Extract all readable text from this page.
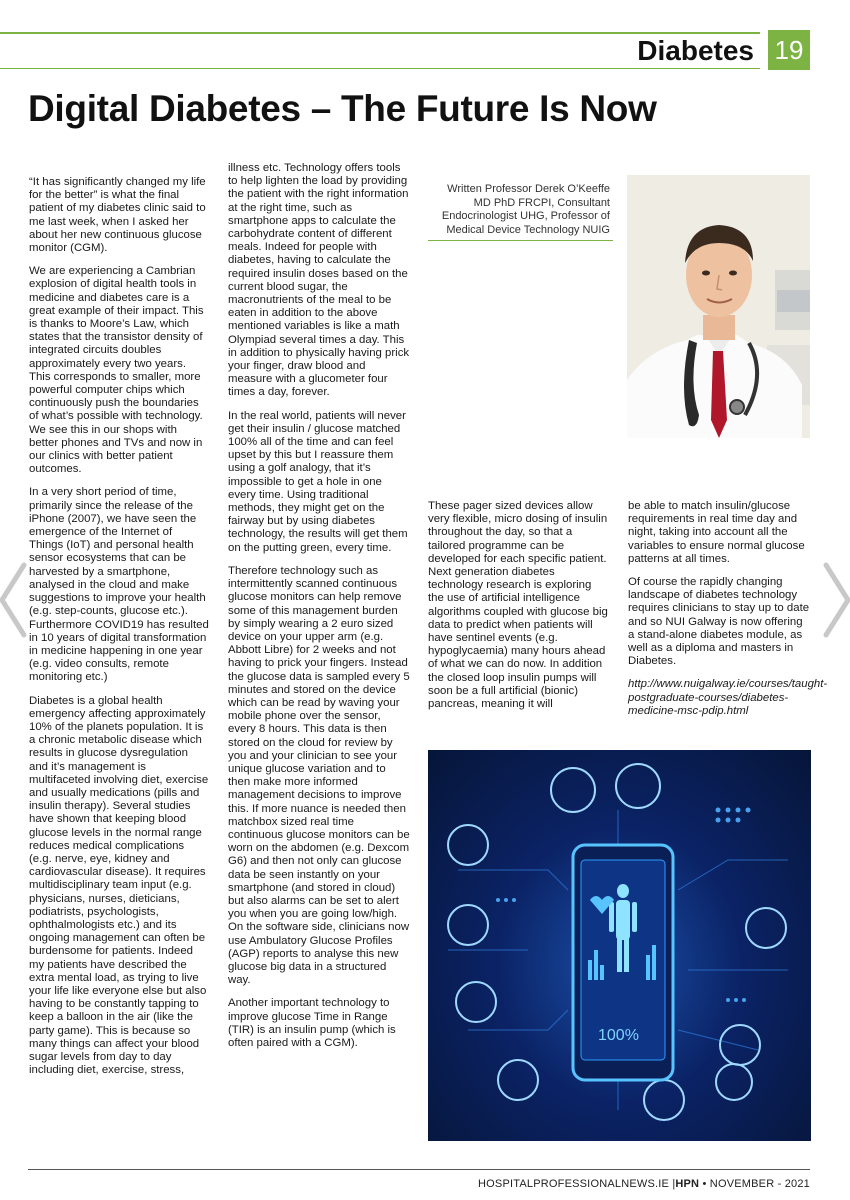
Diabetes 19
Digital Diabetes – The Future Is Now

“It has significantly changed my life for the better” is what the final patient of my diabetes clinic said to me last week, when I asked her about her new continuous glucose monitor (CGM).

We are experiencing a Cambrian explosion of digital health tools in medicine and diabetes care is a great example of their impact. This is thanks to Moore’s Law, which states that the transistor density of integrated circuits doubles approximately every two years. This corresponds to smaller, more powerful computer chips which continuously push the boundaries of what’s possible with technology. We see this in our shops with better phones and TVs and now in our clinics with better patient outcomes.

In a very short period of time, primarily since the release of the iPhone (2007), we have seen the emergence of the Internet of Things (IoT) and personal health sensor ecosystems that can be harvested by a smartphone, analysed in the cloud and make suggestions to improve your health (e.g. step-counts, glucose etc.). Furthermore COVID19 has resulted in 10 years of digital transformation in medicine happening in one year (e.g. video consults, remote monitoring etc.)

Diabetes is a global health emergency affecting approximately 10% of the planets population. It is a chronic metabolic disease which results in glucose dysregulation and it’s management is multifaceted involving diet, exercise and usually medications (pills and insulin therapy). Several studies have shown that keeping blood glucose levels in the normal range reduces medical complications (e.g. nerve, eye, kidney and cardiovascular disease). It requires multidisciplinary team input (e.g. physicians, nurses, dieticians, podiatrists, psychologists, ophthalmologists etc.) and its ongoing management can often be burdensome for patients. Indeed my patients have described the extra mental load, as trying to live your life like everyone else but also having to be constantly tapping to keep a balloon in the air (like the party game). This is because so many things can affect your blood sugar levels from day to day including diet, exercise, stress,

illness etc. Technology offers tools to help lighten the load by providing the patient with the right information at the right time, such as smartphone apps to calculate the carbohydrate content of different meals. Indeed for people with diabetes, having to calculate the required insulin doses based on the current blood sugar, the macronutrients of the meal to be eaten in addition to the above mentioned variables is like a math Olympiad several times a day. This in addition to physically having prick your finger, draw blood and measure with a glucometer four times a day, forever.

In the real world, patients will never get their insulin / glucose matched 100% all of the time and can feel upset by this but I reassure them using a golf analogy, that it’s impossible to get a hole in one every time. Using traditional methods, they might get on the fairway but by using diabetes technology, the results will get them on the putting green, every time.

Therefore technology such as intermittently scanned continuous glucose monitors can help remove some of this management burden by simply wearing a 2 euro sized device on your upper arm (e.g. Abbott Libre) for 2 weeks and not having to prick your fingers. Instead the glucose data is sampled every 5 minutes and stored on the device which can be read by waving your mobile phone over the sensor, every 8 hours. This data is then stored on the cloud for review by you and your clinician to see your unique glucose variation and to then make more informed management decisions to improve this. If more nuance is needed then matchbox sized real time continuous glucose monitors can be worn on the abdomen (e.g. Dexcom G6) and then not only can glucose data be seen instantly on your smartphone (and stored in cloud) but also alarms can be set to alert you when you are going low/high. On the software side, clinicians now use Ambulatory Glucose Profiles (AGP) reports to analyse this new glucose big data in a structured way.

Another important technology to improve glucose Time in Range (TIR) is an insulin pump (which is often paired with a CGM).

Written Professor Derek O’Keeffe MD PhD FRCPI, Consultant Endocrinologist UHG, Professor of Medical Device Technology NUIG

These pager sized devices allow very flexible, micro dosing of insulin throughout the day, so that a tailored programme can be developed for each specific patient. Next generation diabetes technology research is exploring the use of artificial intelligence algorithms coupled with glucose big data to predict when patients will have sentinel events (e.g. hypoglycaemia) many hours ahead of what we can do now. In addition the closed loop insulin pumps will soon be a full artificial (bionic) pancreas, meaning it will

be able to match insulin/glucose requirements in real time day and night, taking into account all the variables to ensure normal glucose patterns at all times.

Of course the rapidly changing landscape of diabetes technology requires clinicians to stay up to date and so NUI Galway is now offering a stand-alone diabetes module, as well as a diploma and masters in Diabetes.

http://www.nuigalway.ie/courses/taught-postgraduate-courses/diabetes-medicine-msc-pdip.html

100%
HOSPITALPROFESSIONALNEWS.IE |HPN • NOVEMBER - 2021
